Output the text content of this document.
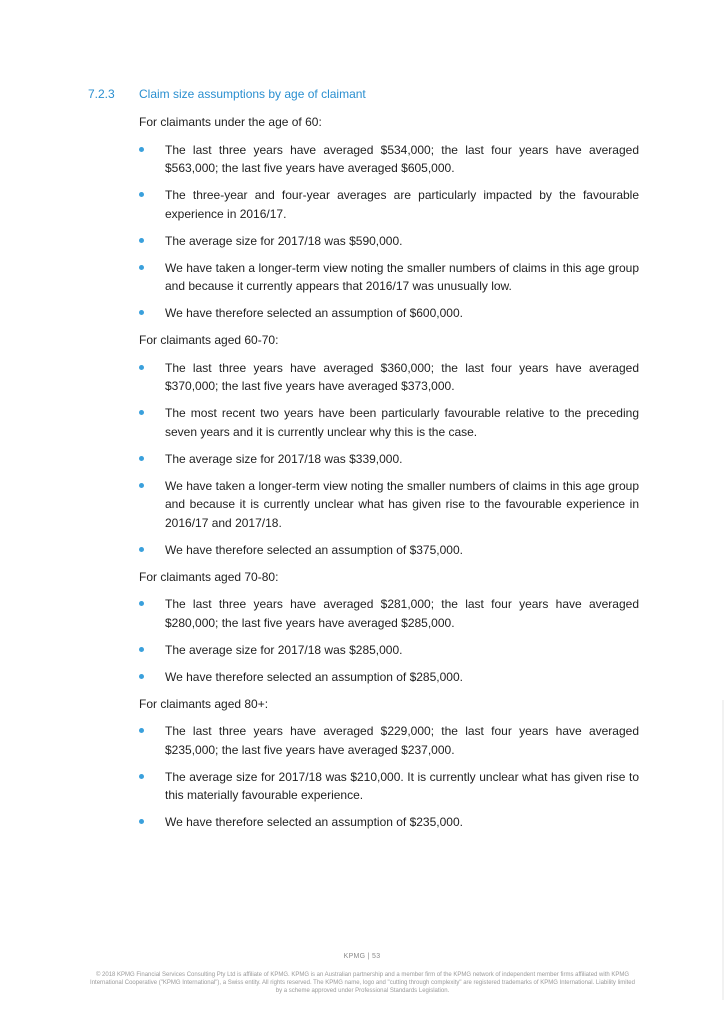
7.2.3	Claim size assumptions by age of claimant

For claimants under the age of 60:

The last three years have averaged $534,000; the last four years have averaged $563,000; the last five years have averaged $605,000.
The three-year and four-year averages are particularly impacted by the favourable experience in 2016/17.
The average size for 2017/18 was $590,000.
We have taken a longer-term view noting the smaller numbers of claims in this age group and because it currently appears that 2016/17 was unusually low.
We have therefore selected an assumption of $600,000.

For claimants aged 60-70:

The last three years have averaged $360,000; the last four years have averaged $370,000; the last five years have averaged $373,000.
The most recent two years have been particularly favourable relative to the preceding seven years and it is currently unclear why this is the case.
The average size for 2017/18 was $339,000.
We have taken a longer-term view noting the smaller numbers of claims in this age group and because it is currently unclear what has given rise to the favourable experience in 2016/17 and 2017/18.
We have therefore selected an assumption of $375,000.

For claimants aged 70-80:

The last three years have averaged $281,000; the last four years have averaged $280,000; the last five years have averaged $285,000.
The average size for 2017/18 was $285,000.
We have therefore selected an assumption of $285,000.

For claimants aged 80+:

The last three years have averaged $229,000; the last four years have averaged $235,000; the last five years have averaged $237,000.
The average size for 2017/18 was $210,000. It is currently unclear what has given rise to this materially favourable experience.
We have therefore selected an assumption of $235,000.
KPMG | 53
© 2018 KPMG Financial Services Consulting Pty Ltd is affiliate of KPMG. KPMG is an Australian partnership and a member firm of the KPMG network of independent member firms affiliated with KPMG International Cooperative ("KPMG International"), a Swiss entity. All rights reserved. The KPMG name, logo and "cutting through complexity" are registered trademarks of KPMG International. Liability limited by a scheme approved under Professional Standards Legislation.
